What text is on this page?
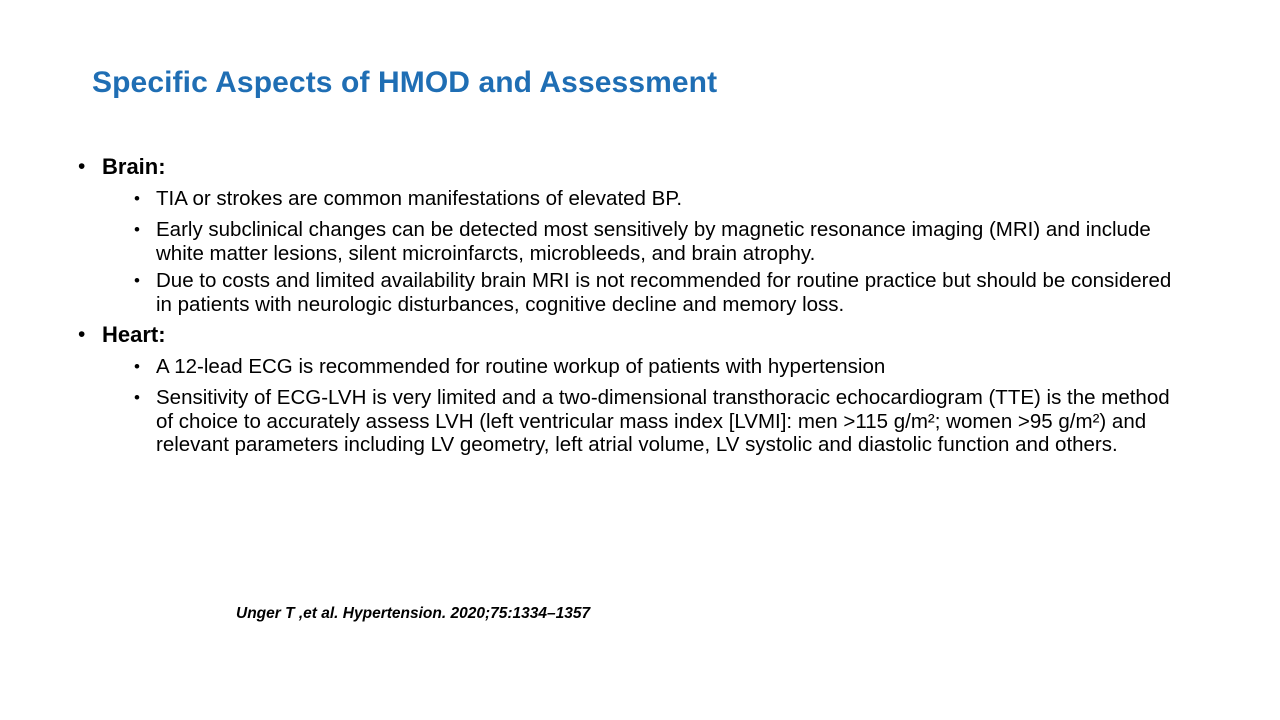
Specific Aspects of HMOD and Assessment
• Brain:
• TIA or strokes are common manifestations of elevated BP.
• Early subclinical changes can be detected most sensitively by magnetic resonance imaging (MRI) and include white matter lesions, silent microinfarcts, microbleeds, and brain atrophy.
• Due to costs and limited availability brain MRI is not recommended for routine practice but should be considered in patients with neurologic disturbances, cognitive decline and memory loss.
• Heart:
• A 12-lead ECG is recommended for routine workup of patients with hypertension
• Sensitivity of ECG-LVH is very limited and a two-dimensional transthoracic echocardiogram (TTE) is the method of choice to accurately assess LVH (left ventricular mass index [LVMI]: men >115 g/m²; women >95 g/m²) and relevant parameters including LV geometry, left atrial volume, LV systolic and diastolic function and others.
Unger T ,et al. Hypertension. 2020;75:1334–1357
